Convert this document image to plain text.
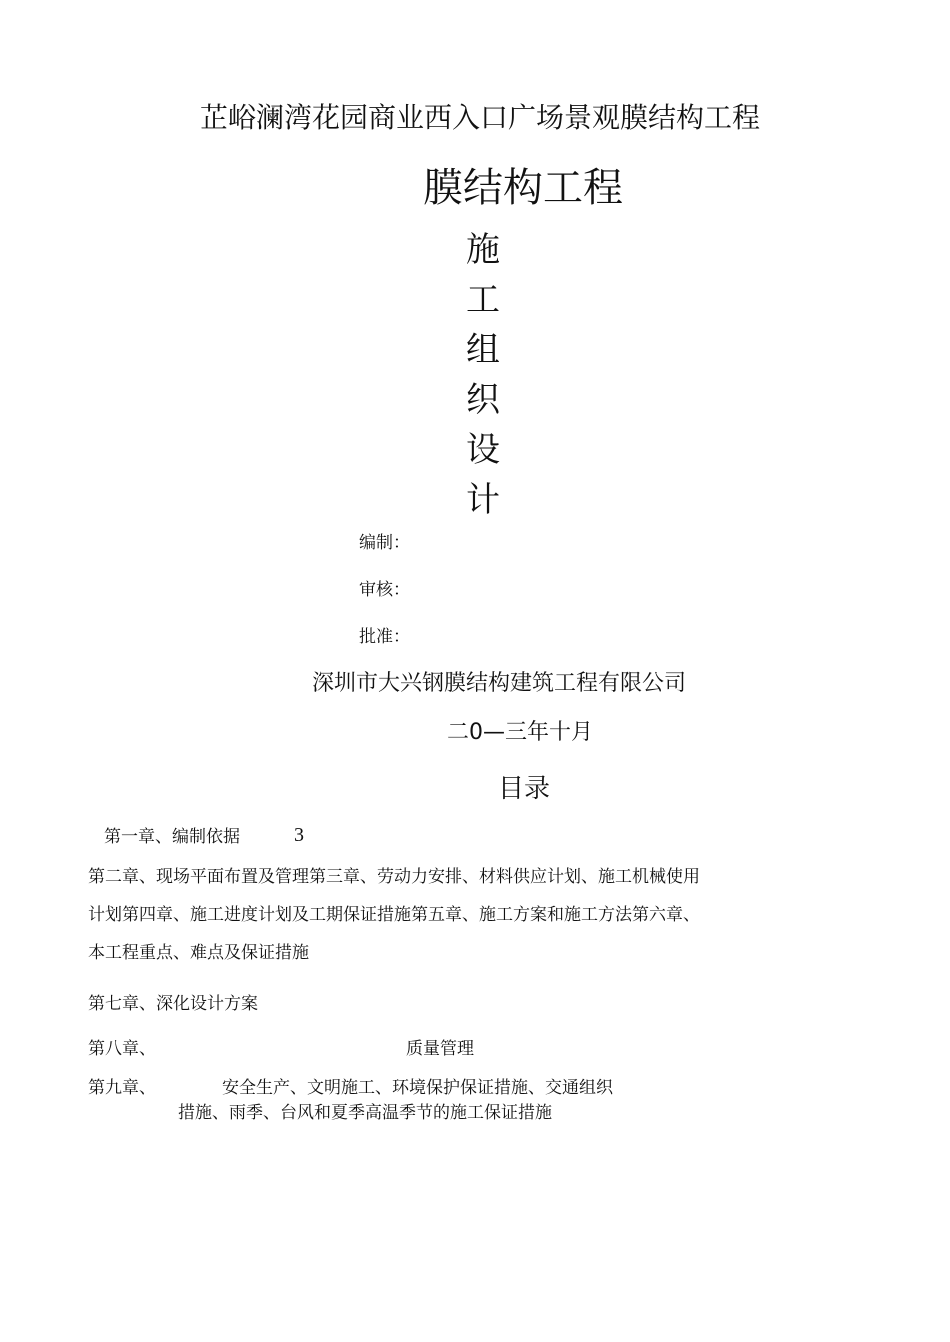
芷峪澜湾花园商业西入口广场景观膜结构工程
膜结构工程
施
工
组
织
设
计
编制：
审核：
批准：
深圳市大兴钢膜结构建筑工程有限公司
二0—三年十月
目录
第一章、编制依据	3
第二章、现场平面布置及管理第三章、劳动力安排、材料供应计划、施工机械使用
计划第四章、施工进度计划及工期保证措施第五章、施工方案和施工方法第六章、
本工程重点、难点及保证措施
第七章、深化设计方案
第八章、	质量管理
第九章、	安全生产、文明施工、环境保护保证措施、交通组织
措施、雨季、台风和夏季高温季节的施工保证措施
